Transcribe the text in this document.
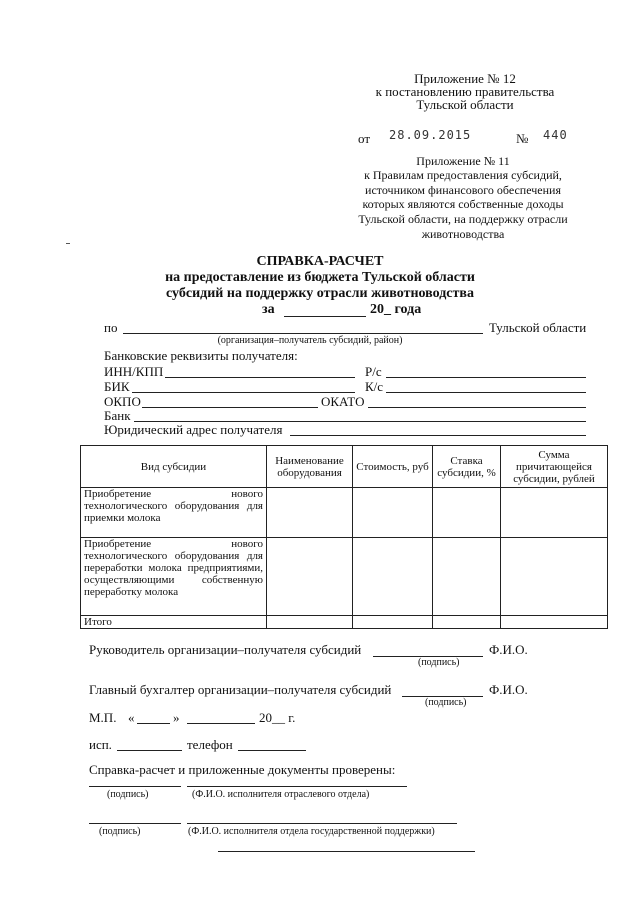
Приложение № 12
к постановлению правительства
Тульской области
от 28.09.2015	№ 440
Приложение № 11
к Правилам предоставления субсидий,
источником финансового обеспечения
которых являются собственные доходы
Тульской области, на поддержку отрасли
животноводства
СПРАВКА-РАСЧЕТ
на предоставление из бюджета Тульской области
субсидий на поддержку отрасли животноводства
за	20_ года
по	Тульской области
(организация–получатель субсидий, район)
Банковские реквизиты получателя:
ИНН/КПП	Р/с
БИК	К/с
ОКПО	ОКАТО
Банк
Юридический адрес получателя
Вид субсидии	Наименование оборудования	Стоимость, руб	Ставка субсидии, %	Сумма причитающейся субсидии, рублей
Приобретение нового технологического оборудования для приемки молока				
Приобретение нового технологического оборудования для переработки молока предприятиями, осуществляющими собственную переработку молока				
Итого				
Руководитель организации–получателя субсидий	Ф.И.О.
(подпись)
Главный бухгалтер организации–получателя субсидий	Ф.И.О.
(подпись)
М.П. «	»	20__ г.
исп.	телефон
Справка-расчет и приложенные документы проверены:
(подпись)	(Ф.И.О. исполнителя отраслевого отдела)
(подпись)	(Ф.И.О. исполнителя отдела государственной поддержки)
